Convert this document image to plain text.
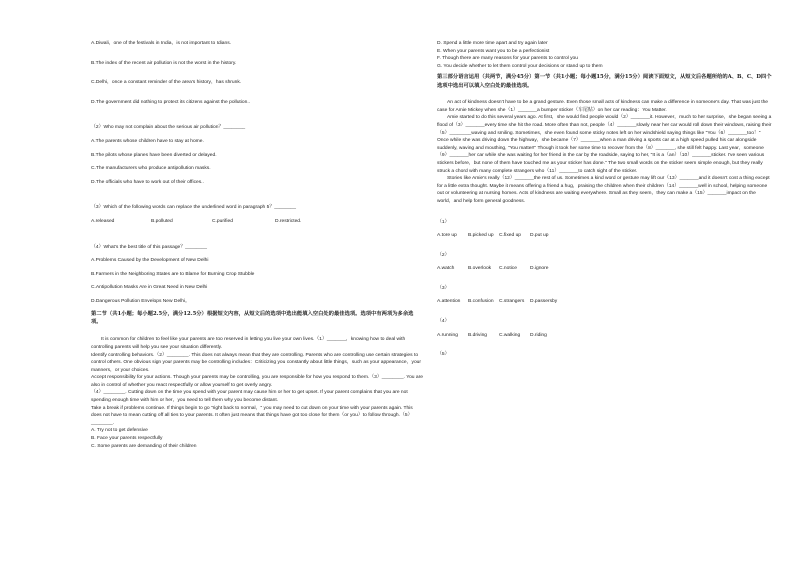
A.Diwali，one of the festivals in India，is not important to Idians.

B.The index of the recent air pollution is not the worst in the history.

C.Delhi，once a constant reminder of the area's history，has shrunk.

D.The government did nothing to protect its citizens against the pollution..

（2）Who may not complain about the serious air pollution？________

A.The parents whose children have to stay at home.

B.The pilots whose planes have been diverted or delayed.

C.The manufacturers who produce antipollution masks.

D.The officials who have to work out of their offices..

（3）Which of the following words can replace the underlined word in paragraph 5？________

A.released	B.polluted	C.purified	D.restricted.

（4）What's the best title of this passage？________

A.Problems Caused by the Development of New Delhi

B.Farmers in the Neighboring States are to Blame for Burning Crop Stubble

C.Antipollution Masks Are in Great Need in New Delhi

D.Dangerous Pollution Envelops New Delhi。

第二节（共1小题；每小题2.5分，满分12.5分）根据短文内容，从短文后的选项中选出能填入空白处的最佳选项。选项中有两项为多余选项。

It is common for children to feel like your parents are too reserved in letting you live your own lives.（1）_______，knowing how to deal with controlling parents will help you see your situation differently.

Identify controlling behaviors.（2）________. This does not always mean that they are controlling. Parents who are controlling use certain strategies to control others. One obvious sign your parents may be controlling includes：Criticizing you constantly about little things，such as your appearance，your manners，or your choices.

Accept responsibility for your actions. Though your parents may be controlling, you are responsible for how you respond to them.（3）________. You are also in control of whether you react respectfully or allow yourself to get overly angry.

（4）________. Cutting down on the time you spend with your parent may cause him or her to get upset. If your parent complains that you are not spending enough time with him or her，you need to tell them why you become distant.

Take a break if problems continue. If things begin to go "right back to normal，" you may need to cut down on your time with your parents again. This does not have to mean cutting off all ties to your parents. It often just means that things have got too close for them（or you）to follow through.（5）________.

A. Try not to get defensive

B. Face your parents respectfully

C. Some parents are demanding of their children

D. Spend a little more time apart and try again later

E. When your parents want you to be a perfectionist

F. Though there are many reasons for your parents to control you

G. You decide whether to let them control your decisions or stand up to them

第三部分语言运用（共两节，满分45分）第一节（共1小题；每小题15分，满分15分）阅读下面短文，从短文后各题所给的A、B、C、D四个选项中选出可以填入空白处的最佳选项。

An act of kindness doesn't have to be a grand gesture. Even those small acts of kindness can make a difference in someone's day. That was just the case for Amie Mickey when she（1）_______a bumper sticker（车尾贴）on her car reading：You Matter.

Amie started to do this several years ago. At first，she would find people would（2）_______it. However，much to her surprise，she began seeing a flood of（3）_______every time she hit the road. More often than not, people（4）_______slowly near her car would roll down their windows, raising their（5）________waving and smiling. Sometimes，she even found some sticky notes left on her windshield saying things like "You（6）_______too！" Once while she was driving down the highway，she became（7）_______when a man driving a sports car at a high speed pulled his car alongside suddenly, waving and mouthing, "You matter!" Though it took her some time to recover from the（8）_______, she still felt happy. Last year，someone（9）_______her car while she was waiting for her friend in the car by the roadside, saying to her, "It is a（an）（10）_______sticker. I've seen various stickers before，but none of them have touched me as your sticker has done." The two small words on the sticker seem simple enough, but they really struck a chord with many complete strangers who（11）_______to catch sight of the sticker.

Stories like Amie's really（12）_______the rest of us. Sometimes a kind word or gesture may lift our（13）_______and it doesn't cost a thing except for a little extra thought. Maybe it means offering a friend a hug，praising the children when their children（14）_______well in school, helping someone out or volunteering at nursing homes. Acts of kindness are waiting everywhere. Small as they seem，they can make a（15）_______impact on the world，and help form general goodness.

（1）

A.tore up	B.picked up	C.fixed up	D.put up

（2）

A.watch	B.overlook	C.notice	D.ignore

（3）

A.attention	B.confusion	C.strangers	D.passersby

（4）

A.running	B.driving	C.walking	D.riding

（5）
